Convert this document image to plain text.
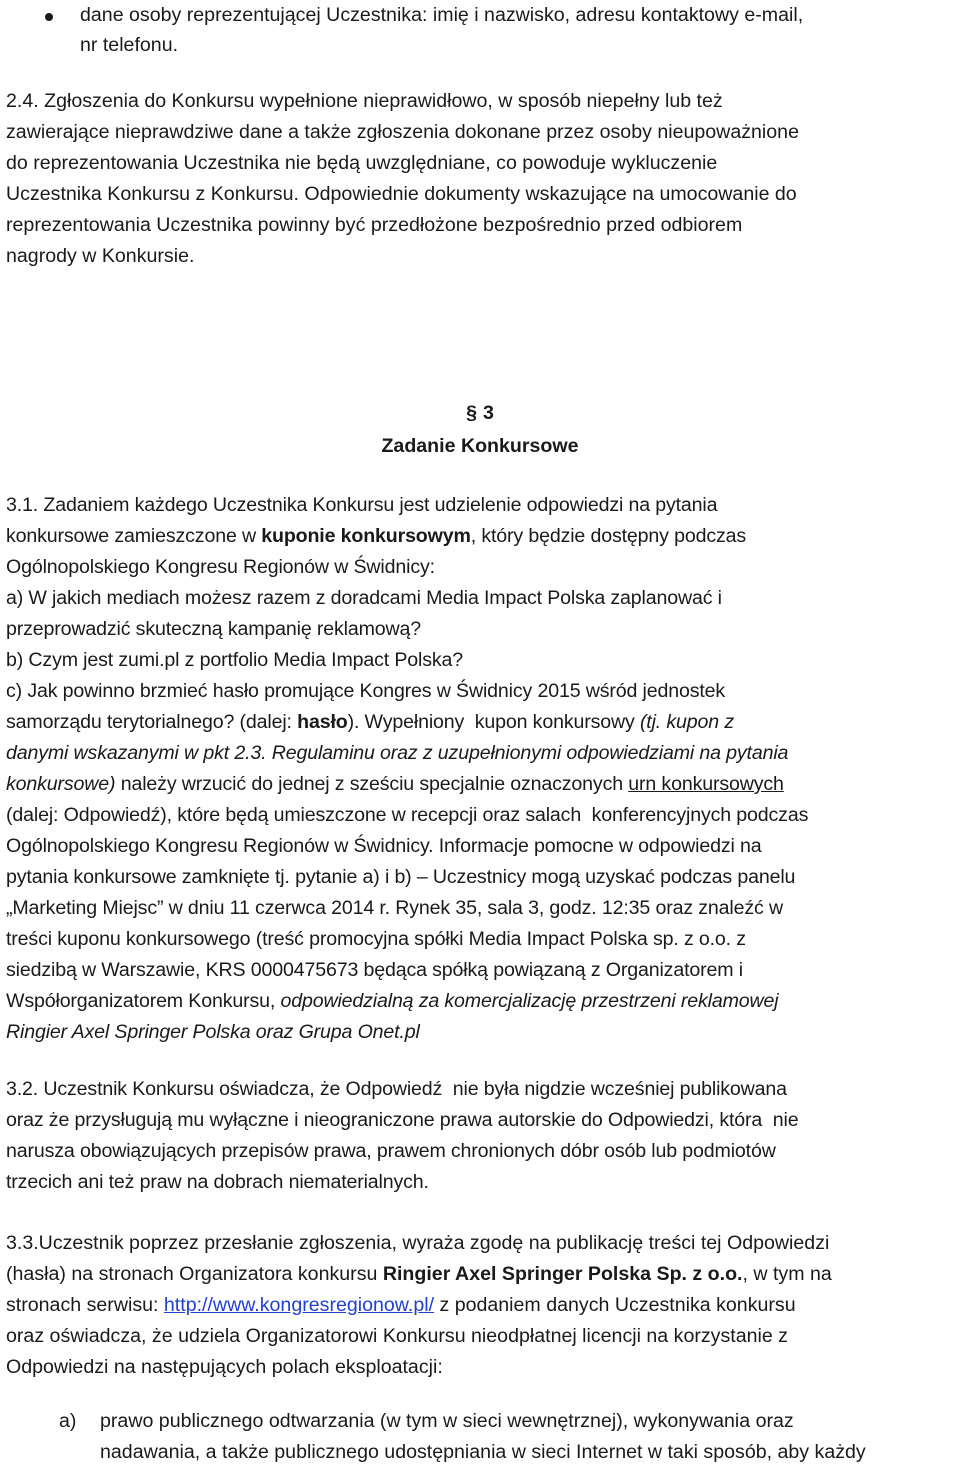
dane osoby reprezentującej Uczestnika: imię i nazwisko, adresu kontaktowy e-mail,

nr telefonu.

2.4. Zgłoszenia do Konkursu wypełnione nieprawidłowo, w sposób niepełny lub też
zawierające nieprawdziwe dane a także zgłoszenia dokonane przez osoby nieupoważnione
do reprezentowania Uczestnika nie będą uwzględniane, co powoduje wykluczenie
Uczestnika Konkursu z Konkursu. Odpowiednie dokumenty wskazujące na umocowanie do
reprezentowania Uczestnika powinny być przedłożone bezpośrednio przed odbiorem
nagrody w Konkursie.

§ 3
Zadanie Konkursowe

3.1. Zadaniem każdego Uczestnika Konkursu jest udzielenie odpowiedzi na pytania
konkursowe zamieszczone w kuponie konkursowym, który będzie dostępny podczas
Ogólnopolskiego Kongresu Regionów w Świdnicy:
a) W jakich mediach możesz razem z doradcami Media Impact Polska zaplanować i
przeprowadzić skuteczną kampanię reklamową?
b) Czym jest zumi.pl z portfolio Media Impact Polska?
c) Jak powinno brzmieć hasło promujące Kongres w Świdnicy 2015 wśród jednostek
samorządu terytorialnego? (dalej: hasło). Wypełniony  kupon konkursowy (tj. kupon z
danymi wskazanymi w pkt 2.3. Regulaminu oraz z uzupełnionymi odpowiedziami na pytania
konkursowe) należy wrzucić do jednej z sześciu specjalnie oznaczonych urn konkursowych
(dalej: Odpowiedź), które będą umieszczone w recepcji oraz salach  konferencyjnych podczas
Ogólnopolskiego Kongresu Regionów w Świdnicy. Informacje pomocne w odpowiedzi na
pytania konkursowe zamknięte tj. pytanie a) i b) – Uczestnicy mogą uzyskać podczas panelu
„Marketing Miejsc” w dniu 11 czerwca 2014 r. Rynek 35, sala 3, godz. 12:35 oraz znaleźć w
treści kuponu konkursowego (treść promocyjna spółki Media Impact Polska sp. z o.o. z
siedzibą w Warszawie, KRS 0000475673 będąca spółką powiązaną z Organizatorem i
Współorganizatorem Konkursu, odpowiedzialną za komercjalizację przestrzeni reklamowej
Ringier Axel Springer Polska oraz Grupa Onet.pl

3.2. Uczestnik Konkursu oświadcza, że Odpowiedź  nie była nigdzie wcześniej publikowana
oraz że przysługują mu wyłączne i nieograniczone prawa autorskie do Odpowiedzi, która  nie
narusza obowiązujących przepisów prawa, prawem chronionych dóbr osób lub podmiotów
trzecich ani też praw na dobrach niematerialnych.

3.3.Uczestnik poprzez przesłanie zgłoszenia, wyraża zgodę na publikację treści tej Odpowiedzi

(hasła) na stronach Organizatora konkursu Ringier Axel Springer Polska Sp. z o.o., w tym na

stronach serwisu: http://www.kongresregionow.pl/ z podaniem danych Uczestnika konkursu

oraz oświadcza, że udziela Organizatorowi Konkursu nieodpłatnej licencji na korzystanie z

Odpowiedzi na następujących polach eksploatacji:

a) prawo publicznego odtwarzania (w tym w sieci wewnętrznej), wykonywania oraz

nadawania, a także publicznego udostępniania w sieci Internet w taki sposób, aby każdy
